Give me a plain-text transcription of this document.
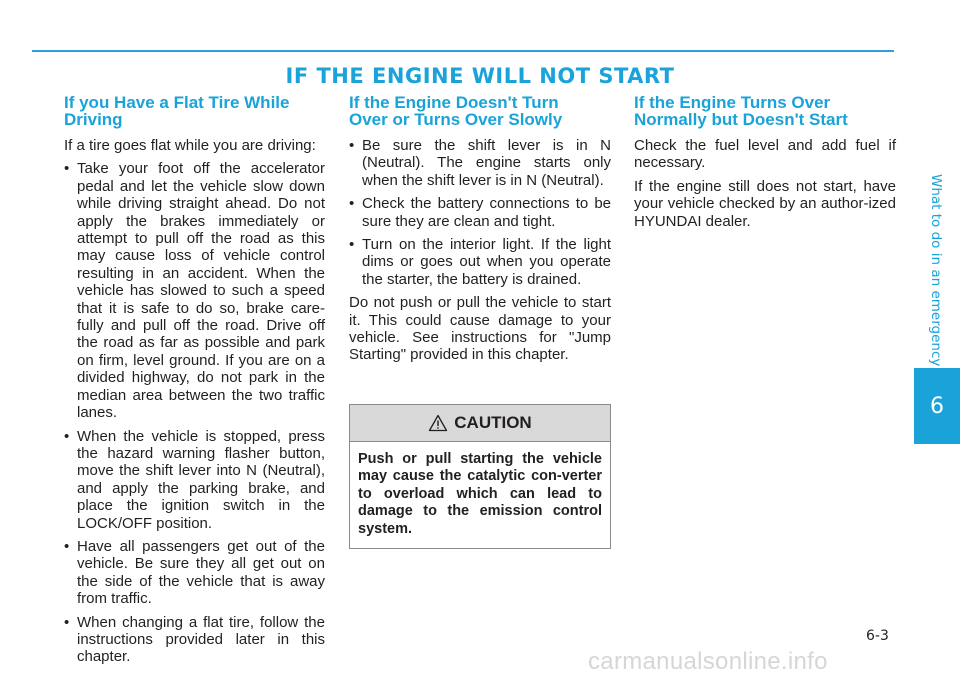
IF THE ENGINE WILL NOT START
If you Have a Flat Tire While
Driving

If a tire goes flat while you are driving:

• Take your foot off the accelerator pedal and let the vehicle slow down while driving straight ahead. Do not apply the brakes immediately or attempt to pull off the road as this may cause loss of vehicle control resulting in an accident. When the vehicle has slowed to such a speed that it is safe to do so, brake care-fully and pull off the road. Drive off the road as far as possible and park on firm, level ground. If you are on a divided highway, do not park in the median area between the two traffic lanes.
• When the vehicle is stopped, press the hazard warning flasher button, move the shift lever into N (Neutral), and apply the parking brake, and place the ignition switch in the LOCK/OFF position.
• Have all passengers get out of the vehicle. Be sure they all get out on the side of the vehicle that is away from traffic.
• When changing a flat tire, follow the instructions provided later in this chapter.
If the Engine Doesn't Turn
Over or Turns Over Slowly
• Be sure the shift lever is in N (Neutral). The engine starts only when the shift lever is in N (Neutral).
• Check the battery connections to be sure they are clean and tight.
• Turn on the interior light. If the light dims or goes out when you operate the starter, the battery is drained.

Do not push or pull the vehicle to start it. This could cause damage to your vehicle. See instructions for "Jump Starting" provided in this chapter.

CAUTION
Push or pull starting the vehicle may cause the catalytic con-verter to overload which can lead to damage to the emission control system.
If the Engine Turns Over
Normally but Doesn't Start

Check the fuel level and add fuel if necessary.

If the engine still does not start, have your vehicle checked by an author-ized HYUNDAI dealer.	What to do in an emergency
6
6-3
carmanualsonline.info
